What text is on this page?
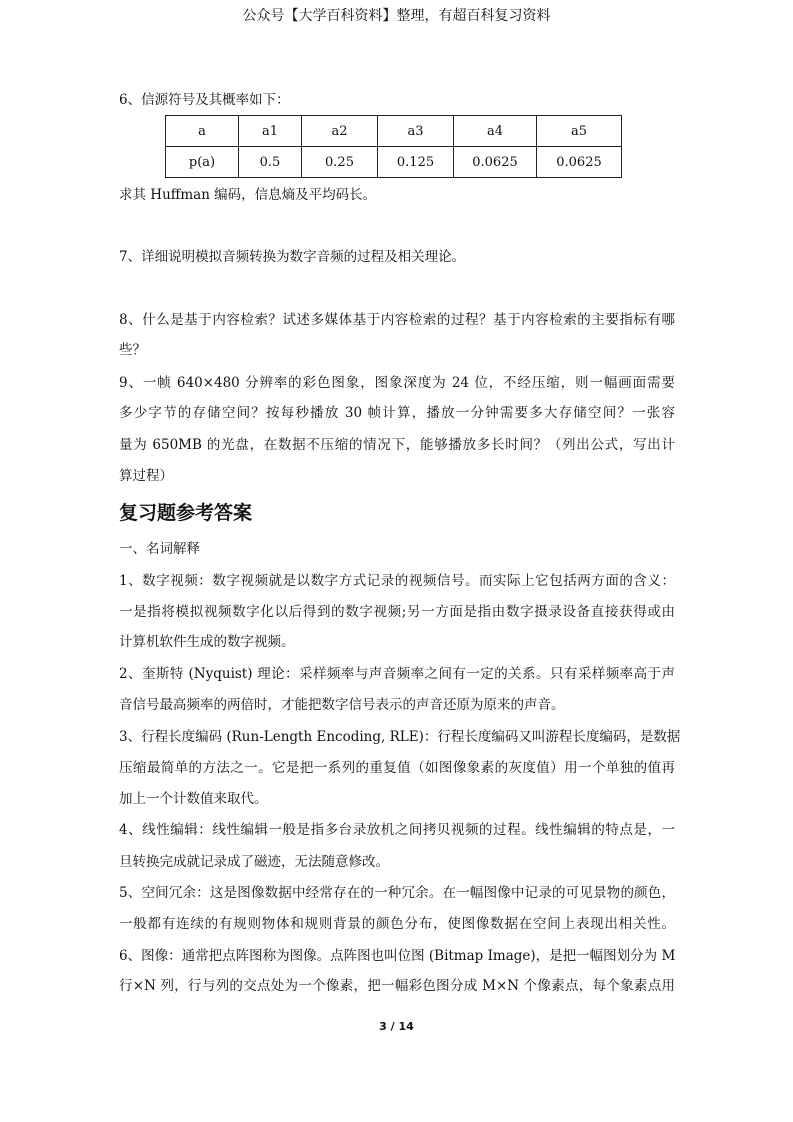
公众号【大学百科资料】整理，有超百科复习资料
6、信源符号及其概率如下：
a	a1	a2	a3	a4	a5
p(a)	0.5	0.25	0.125	0.0625	0.0625
求其 Huffman 编码，信息熵及平均码长。
7、详细说明模拟音频转换为数字音频的过程及相关理论。
8、什么是基于内容检索？试述多媒体基于内容检索的过程？基于内容检索的主要指标有哪
些？
9、一帧 640×480 分辨率的彩色图象，图象深度为 24 位，不经压缩，则一幅画面需要
多少字节的存储空间？按每秒播放 30 帧计算，播放一分钟需要多大存储空间？一张容
量为 650MB 的光盘，在数据不压缩的情况下，能够播放多长时间？（列出公式，写出计
算过程）
复习题参考答案
一、名词解释
1、数字视频：数字视频就是以数字方式记录的视频信号。而实际上它包括两方面的含义：
一是指将模拟视频数字化以后得到的数字视频;另一方面是指由数字摄录设备直接获得或由
计算机软件生成的数字视频。
2、奎斯特 (Nyquist) 理论：采样频率与声音频率之间有一定的关系。只有采样频率高于声
音信号最高频率的两倍时，才能把数字信号表示的声音还原为原来的声音。
3、行程长度编码 (Run-Length Encoding, RLE)：行程长度编码又叫游程长度编码，是数据
压缩最简单的方法之一。它是把一系列的重复值（如图像象素的灰度值）用一个单独的值再
加上一个计数值来取代。
4、线性编辑：线性编辑一般是指多台录放机之间拷贝视频的过程。线性编辑的特点是，一
旦转换完成就记录成了磁迹，无法随意修改。
5、空间冗余：这是图像数据中经常存在的一种冗余。在一幅图像中记录的可见景物的颜色，
一般都有连续的有规则物体和规则背景的颜色分布，使图像数据在空间上表现出相关性。
6、图像：通常把点阵图称为图像。点阵图也叫位图 (Bitmap Image)，是把一幅图划分为 M
行×N 列，行与列的交点处为一个像素，把一幅彩色图分成 M×N 个像素点，每个象素点用
3 / 14
